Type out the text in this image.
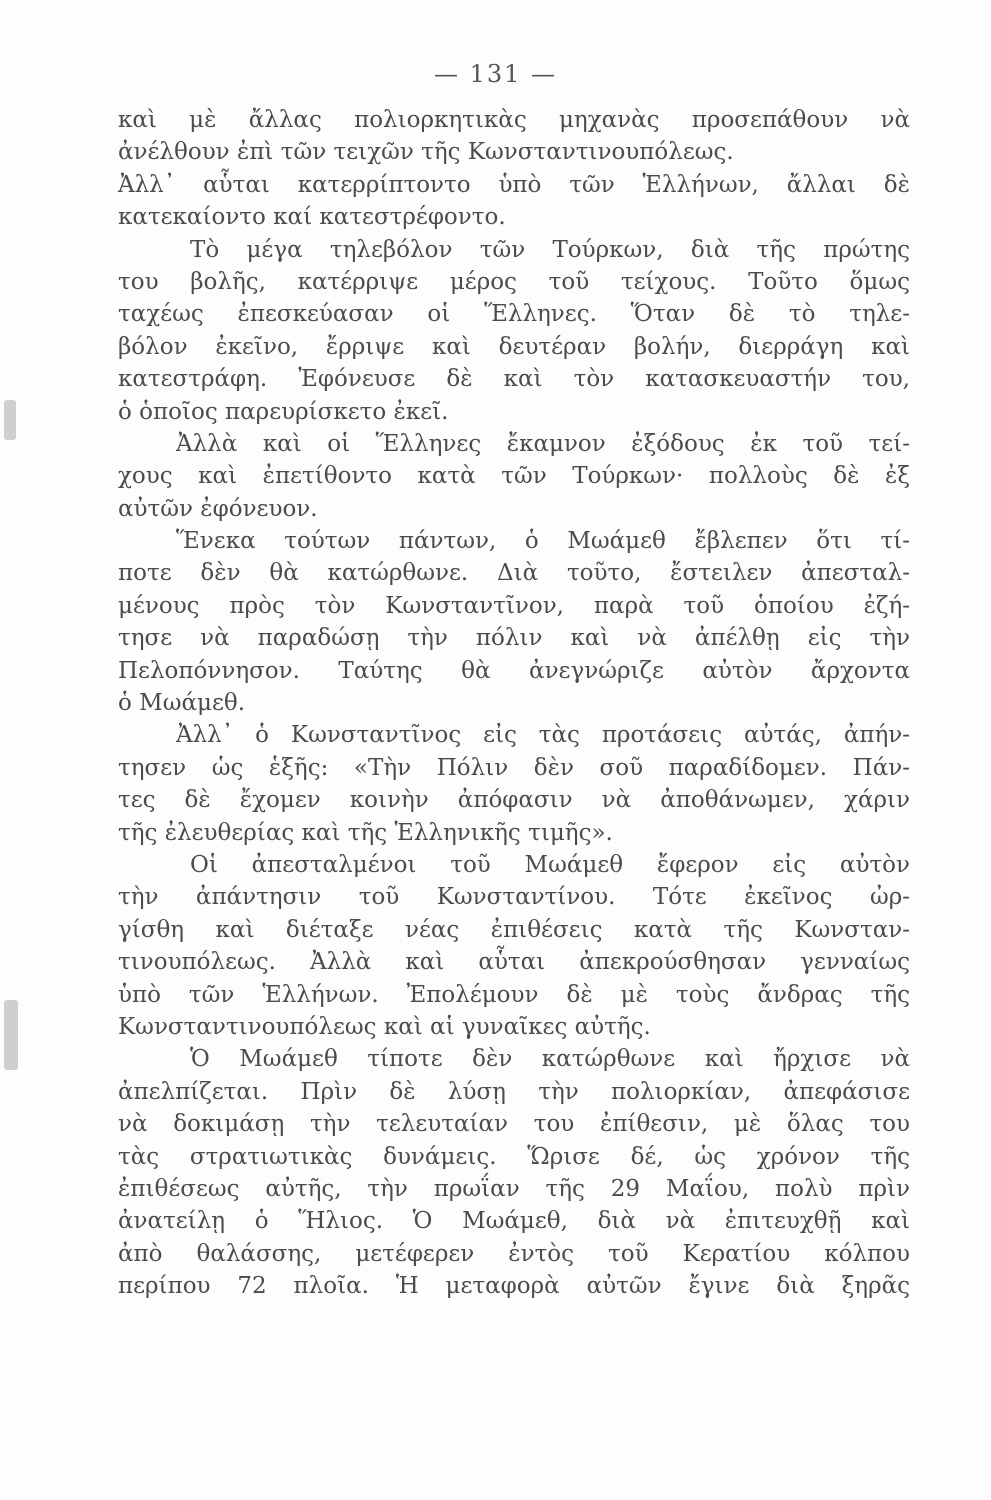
— 131 —
καὶ μὲ ἄλλας πολιορκητικὰς μηχανὰς προσεπάθουν νὰ
ἀνέλθουν ἐπὶ τῶν τειχῶν τῆς Κωνσταντινουπόλεως.
Ἀλλ᾽ αὗται κατερρίπτοντο ὑπὸ τῶν Ἑλλήνων, ἄλλαι δὲ
κατεκαίοντο καί κατεστρέφοντο.
Τὸ μέγα τηλεβόλον τῶν Τούρκων, διὰ τῆς πρώτης
του βολῆς, κατέρριψε μέρος τοῦ τείχους. Τοῦτο ὅμως
ταχέως ἐπεσκεύασαν οἱ Ἕλληνες. Ὅταν δὲ τὸ τηλε-
βόλον ἐκεῖνο, ἔρριψε καὶ δευτέραν βολήν, διερράγη καὶ
κατεστράφη. Ἐφόνευσε δὲ καὶ τὸν κατασκευαστήν του,
ὁ ὁποῖος παρευρίσκετο ἐκεῖ.
Ἀλλὰ καὶ οἱ Ἕλληνες ἔκαμνον ἐξόδους ἐκ τοῦ τεί-
χους καὶ ἐπετίθοντο κατὰ τῶν Τούρκων· πολλοὺς δὲ ἐξ
αὐτῶν ἐφόνευον.
Ἕνεκα τούτων πάντων, ὁ Μωάμεθ ἔβλεπεν ὅτι τί-
ποτε δὲν θὰ κατώρθωνε. Διὰ τοῦτο, ἔστειλεν ἀπεσταλ-
μένους πρὸς τὸν Κωνσταντῖνον, παρὰ τοῦ ὁποίου ἐζή-
τησε νὰ παραδώσῃ τὴν πόλιν καὶ νὰ ἀπέλθῃ εἰς τὴν
Πελοπόννησον. Ταύτης θὰ ἀνεγνώριζε αὐτὸν ἄρχοντα
ὁ Μωάμεθ.
Ἀλλ᾽ ὁ Κωνσταντῖνος εἰς τὰς προτάσεις αὐτάς, ἀπήν-
τησεν ὡς ἑξῆς: «Τὴν Πόλιν δὲν σοῦ παραδίδομεν. Πάν-
τες δὲ ἔχομεν κοινὴν ἀπόφασιν νὰ ἀποθάνωμεν, χάριν
τῆς ἐλευθερίας καὶ τῆς Ἑλληνικῆς τιμῆς».
Οἱ ἀπεσταλμένοι τοῦ Μωάμεθ ἔφερον εἰς αὐτὸν
τὴν ἀπάντησιν τοῦ Κωνσταντίνου. Τότε ἐκεῖνος ὠρ-
γίσθη καὶ διέταξε νέας ἐπιθέσεις κατὰ τῆς Κωνσταν-
τινουπόλεως. Ἀλλὰ καὶ αὗται ἀπεκρούσθησαν γενναίως
ὑπὸ τῶν Ἑλλήνων. Ἐπολέμουν δὲ μὲ τοὺς ἄνδρας τῆς
Κωνσταντινουπόλεως καὶ αἱ γυναῖκες αὐτῆς.
Ὁ Μωάμεθ τίποτε δὲν κατώρθωνε καὶ ἤρχισε νὰ
ἀπελπίζεται. Πρὶν δὲ λύσῃ τὴν πολιορκίαν, ἀπεφάσισε
νὰ δοκιμάσῃ τὴν τελευταίαν του ἐπίθεσιν, μὲ ὅλας του
τὰς στρατιωτικὰς δυνάμεις. Ὥρισε δέ, ὡς χρόνον τῆς
ἐπιθέσεως αὐτῆς, τὴν πρωΐαν τῆς 29 Μαΐου, πολὺ πρὶν
ἀνατείλῃ ὁ Ἥλιος. Ὁ Μωάμεθ, διὰ νὰ ἐπιτευχθῇ καὶ
ἀπὸ θαλάσσης, μετέφερεν ἐντὸς τοῦ Κερατίου κόλπου
περίπου 72 πλοῖα. Ἡ μεταφορὰ αὐτῶν ἔγινε διὰ ξηρᾶς
